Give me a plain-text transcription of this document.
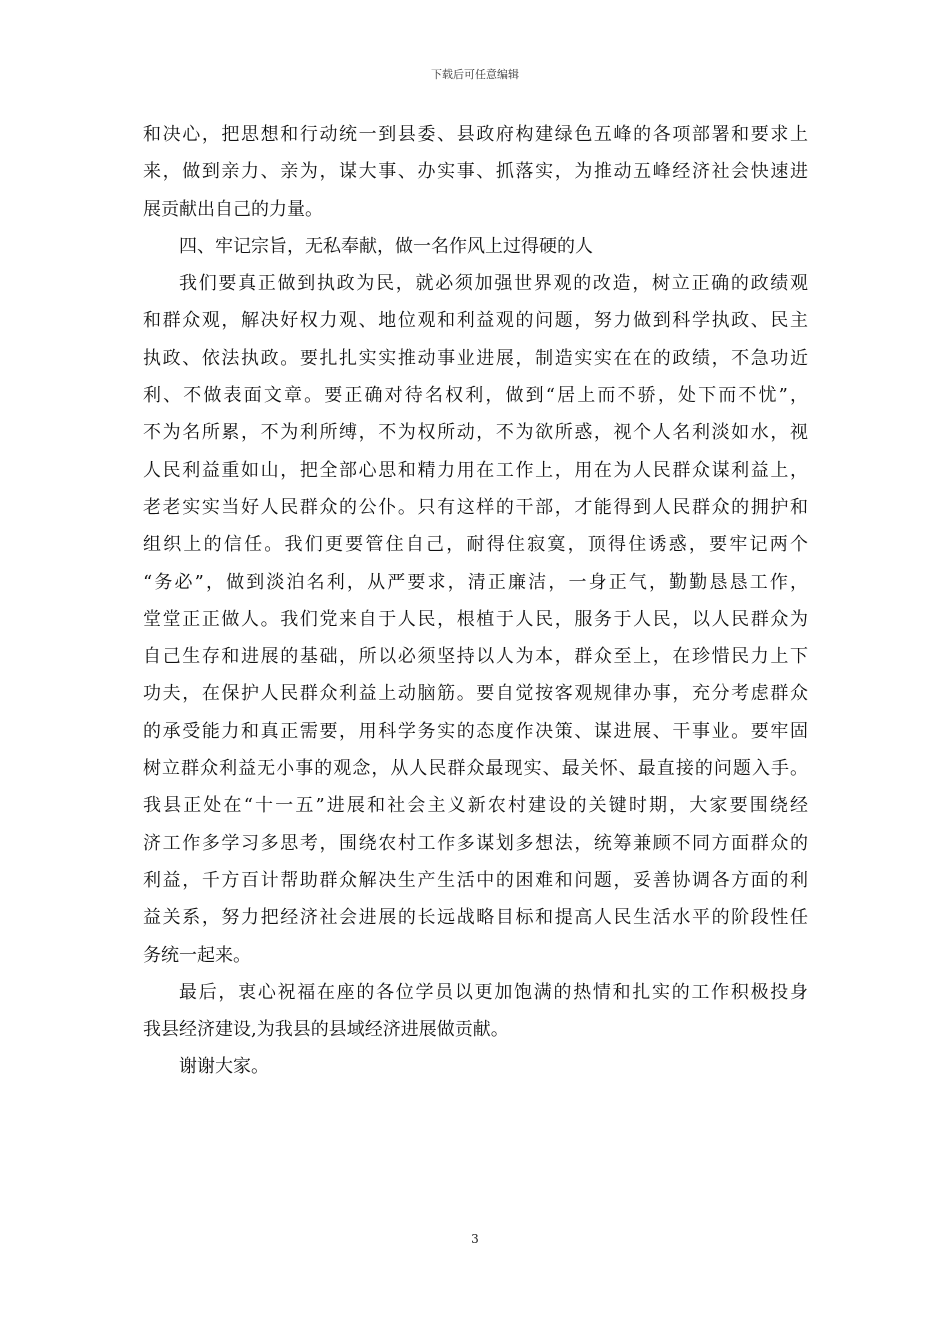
下载后可任意编辑
和决心，把思想和行动统一到县委、县政府构建绿色五峰的各项部署和要求上
来，做到亲力、亲为，谋大事、办实事、抓落实，为推动五峰经济社会快速进
展贡献出自己的力量。
四、牢记宗旨，无私奉献，做一名作风上过得硬的人
我们要真正做到执政为民，就必须加强世界观的改造，树立正确的政绩观
和群众观，解决好权力观、地位观和利益观的问题，努力做到科学执政、民主
执政、依法执政。要扎扎实实推动事业进展，制造实实在在的政绩，不急功近
利、不做表面文章。要正确对待名权利，做到“居上而不骄，处下而不忧”，
不为名所累，不为利所缚，不为权所动，不为欲所惑，视个人名利淡如水，视
人民利益重如山，把全部心思和精力用在工作上，用在为人民群众谋利益上，
老老实实当好人民群众的公仆。只有这样的干部，才能得到人民群众的拥护和
组织上的信任。我们更要管住自己，耐得住寂寞，顶得住诱惑，要牢记两个
“务必”，做到淡泊名利，从严要求，清正廉洁，一身正气，勤勤恳恳工作，
堂堂正正做人。我们党来自于人民，根植于人民，服务于人民，以人民群众为
自己生存和进展的基础，所以必须坚持以人为本，群众至上，在珍惜民力上下
功夫，在保护人民群众利益上动脑筋。要自觉按客观规律办事，充分考虑群众
的承受能力和真正需要，用科学务实的态度作决策、谋进展、干事业。要牢固
树立群众利益无小事的观念，从人民群众最现实、最关怀、最直接的问题入手。
我县正处在“十一五”进展和社会主义新农村建设的关键时期，大家要围绕经
济工作多学习多思考，围绕农村工作多谋划多想法，统筹兼顾不同方面群众的
利益，千方百计帮助群众解决生产生活中的困难和问题，妥善协调各方面的利
益关系，努力把经济社会进展的长远战略目标和提高人民生活水平的阶段性任
务统一起来。
最后，衷心祝福在座的各位学员以更加饱满的热情和扎实的工作积极投身
我县经济建设,为我县的县域经济进展做贡献。
谢谢大家。
3
